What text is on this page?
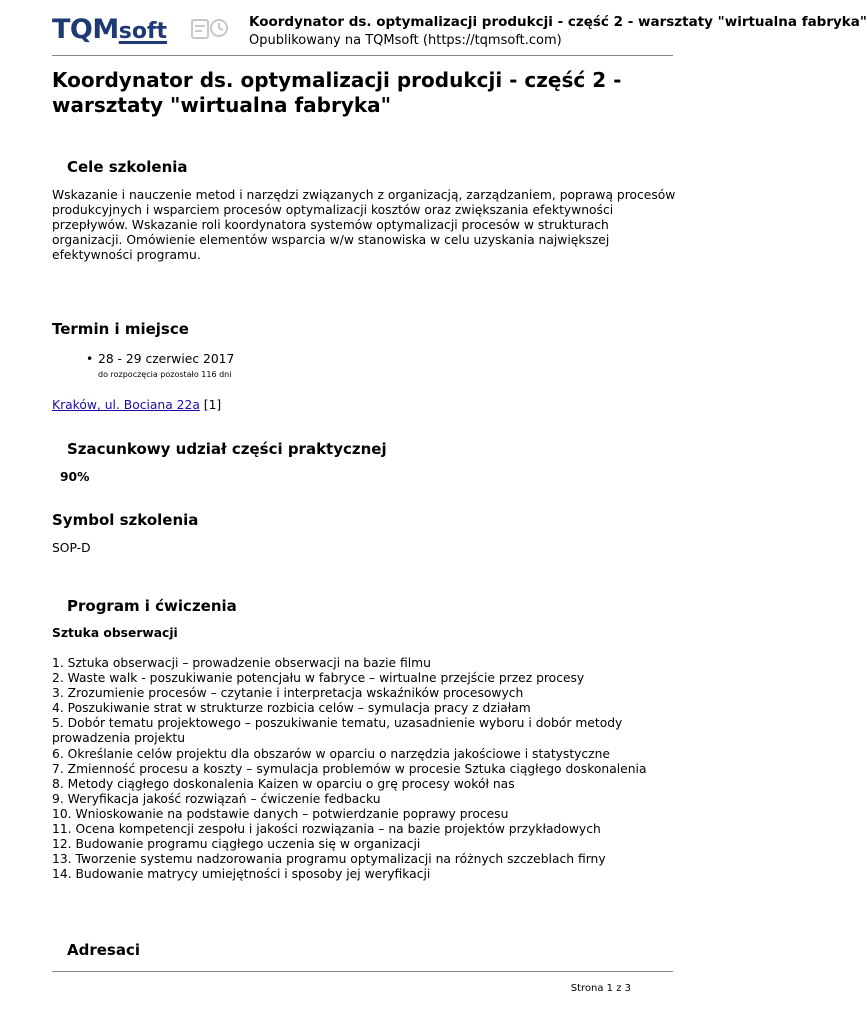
TQMsoft	Koordynator ds. optymalizacji produkcji - część 2 - warsztaty "wirtualna fabryka"
Opublikowany na TQMsoft (https://tqmsoft.com)
Koordynator ds. optymalizacji produkcji - część 2 - warsztaty "wirtualna fabryka"
Cele szkolenia

Wskazanie i nauczenie metod i narzędzi związanych z organizacją, zarządzaniem, poprawą procesów produkcyjnych i wsparciem procesów optymalizacji kosztów oraz zwiększania efektywności przepływów. Wskazanie roli koordynatora systemów optymalizacji procesów w strukturach organizacji. Omówienie elementów wsparcia w/w stanowiska w celu uzyskania największej efektywności programu.

Termin i miejsce
• 28 - 29 czerwiec 2017
do rozpoczęcia pozostało 116 dni
Kraków, ul. Bociana 22a [1]
Szacunkowy udział części praktycznej
90%
Symbol szkolenia
SOP-D
Program i ćwiczenia
Sztuka obserwacji
1. Sztuka obserwacji – prowadzenie obserwacji na bazie filmu
2. Waste walk - poszukiwanie potencjału w fabryce – wirtualne przejście przez procesy
3. Zrozumienie procesów – czytanie i interpretacja wskaźników procesowych
4. Poszukiwanie strat w strukturze rozbicia celów – symulacja pracy z działam
5. Dobór tematu projektowego – poszukiwanie tematu, uzasadnienie wyboru i dobór metody prowadzenia projektu
6. Określanie celów projektu dla obszarów w oparciu o narzędzia jakościowe i statystyczne
7. Zmienność procesu a koszty – symulacja problemów w procesie Sztuka ciągłego doskonalenia
8. Metody ciągłego doskonalenia Kaizen w oparciu o grę procesy wokół nas
9. Weryfikacja jakość rozwiązań – ćwiczenie fedbacku
10. Wnioskowanie na podstawie danych – potwierdzanie poprawy procesu
11. Ocena kompetencji zespołu i jakości rozwiązania – na bazie projektów przykładowych
12. Budowanie programu ciągłego uczenia się w organizacji
13. Tworzenie systemu nadzorowania programu optymalizacji na różnych szczeblach firny
14. Budowanie matrycy umiejętności i sposoby jej weryfikacji
Adresaci
Strona 1 z 3
